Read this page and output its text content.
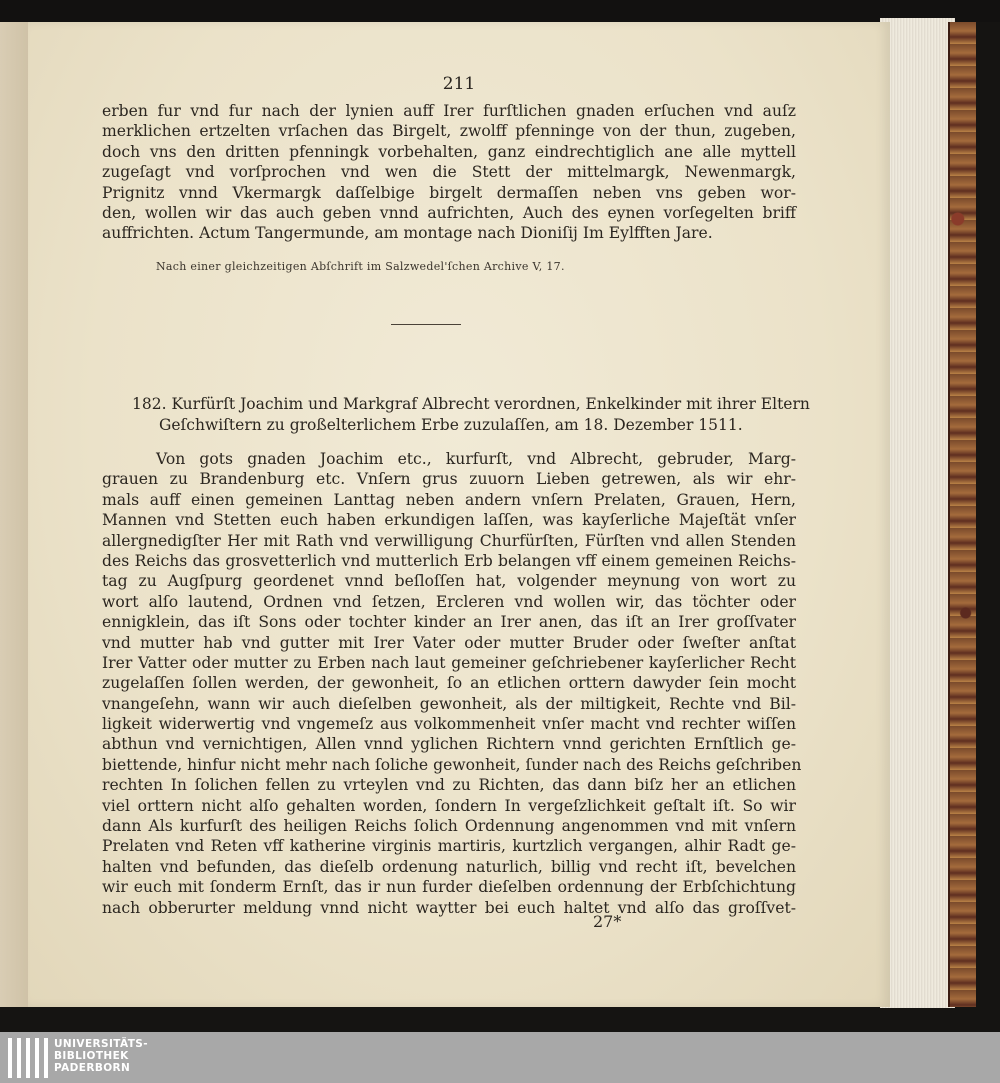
211
erben fur vnd fur nach der lynien auff Irer furſtlichen gnaden erſuchen vnd auſz
merklichen ertzelten vrſachen das Birgelt, zwolff pfenninge von der thun, zugeben,
doch vns den dritten pfenningk vorbehalten, ganz eindrechtiglich ane alle myttell
zugeſagt vnd vorſprochen vnd wen die Stett der mittelmargk, Newenmargk,
Prignitz vnnd Vkermargk daſſelbige birgelt dermaſſen neben vns geben wor-
den, wollen wir das auch geben vnnd aufrichten, Auch des eynen vorſegelten briff
auffrichten. Actum Tangermunde, am montage nach Dioniſij Im Eylfften Jare.
Nach einer gleichzeitigen Abſchrift im Salzwedel'ſchen Archive V, 17.
182. Kurfürſt Joachim und Markgraf Albrecht verordnen, Enkelkinder mit ihrer Eltern
Geſchwiſtern zu großelterlichem Erbe zuzulaſſen, am 18. Dezember 1511.
Von gots gnaden Joachim etc., kurfurſt, vnd Albrecht, gebruder, Marg-
grauen zu Brandenburg etc. Vnſern grus zuuorn Lieben getrewen, als wir ehr-
mals auff einen gemeinen Lanttag neben andern vnſern Prelaten, Grauen, Hern,
Mannen vnd Stetten euch haben erkundigen laſſen, was kayſerliche Majeſtät vnſer
allergnedigſter Her mit Rath vnd verwilligung Churfürſten, Fürſten vnd allen Stenden
des Reichs das grosvetterlich vnd mutterlich Erb belangen vff einem gemeinen Reichs-
tag zu Augſpurg geordenet vnnd beſloſſen hat, volgender meynung von wort zu
wort alſo lautend, Ordnen vnd ſetzen, Ercleren vnd wollen wir, das töchter oder
ennigklein, das iſt Sons oder tochter kinder an Irer anen, das iſt an Irer groſſvater
vnd mutter hab vnd gutter mit Irer Vater oder mutter Bruder oder ſweſter anſtat
Irer Vatter oder mutter zu Erben nach laut gemeiner geſchriebener kayſerlicher Recht
zugelaſſen ſollen werden, der gewonheit, ſo an etlichen orttern dawyder ſein mocht
vnangeſehn, wann wir auch dieſelben gewonheit, als der miltigkeit, Rechte vnd Bil-
ligkeit widerwertig vnd vngemeſz aus volkommenheit vnſer macht vnd rechter wiſſen
abthun vnd vernichtigen, Allen vnnd yglichen Richtern vnnd gerichten Ernſtlich ge-
biettende, hinfur nicht mehr nach ſoliche gewonheit, ſunder nach des Reichs geſchriben
rechten In ſolichen fellen zu vrteylen vnd zu Richten, das dann biſz her an etlichen
viel orttern nicht alſo gehalten worden, ſondern In vergeſzlichkeit geſtalt iſt. So wir
dann Als kurfurſt des heiligen Reichs ſolich Ordennung angenommen vnd mit vnſern
Prelaten vnd Reten vff katherine virginis martiris, kurtzlich vergangen, alhir Radt ge-
halten vnd befunden, das dieſelb ordenung naturlich, billig vnd recht iſt, bevelchen
wir euch mit ſonderm Ernſt, das ir nun furder dieſelben ordennung der Erbſchichtung
nach obberurter meldung vnnd nicht waytter bei euch haltet vnd alſo das groſſvet-
27*
UNIVERSITÄTS-
BIBLIOTHEK
PADERBORN
